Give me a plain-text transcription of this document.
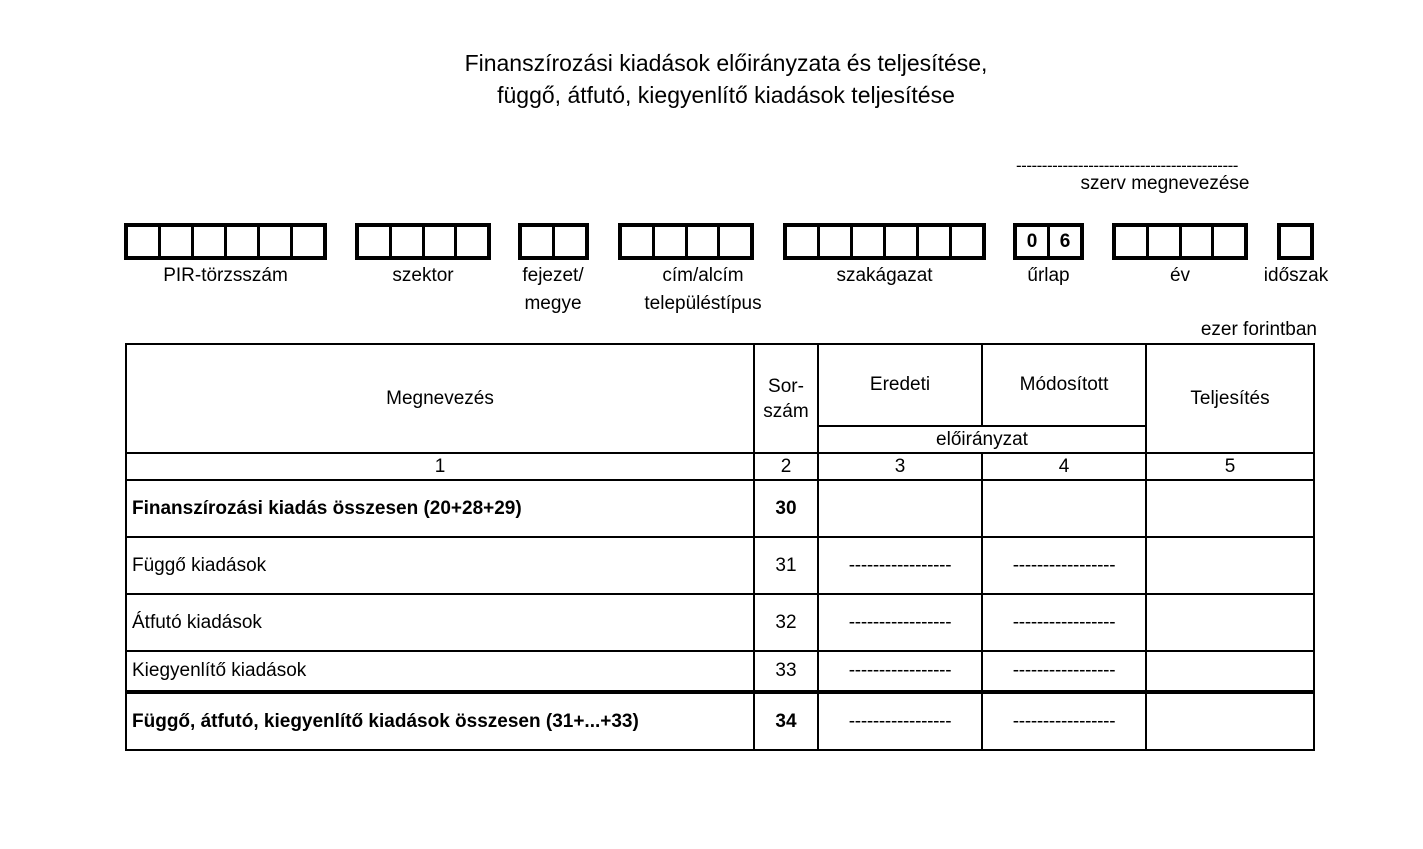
Finanszírozási kiadások előirányzata és teljesítése,
függő, átfutó, kiegyenlítő kiadások teljesítése
-------------------------------------------
szerv megnevezése
PIR-törzsszám	szektor	fejezet/
megye
cím/alcím
településtípus
szakágazat
0	6
űrlap	év	időszak
ezer forintban
Megnevezés	Sor-
szám	Eredeti	Módosított	Teljesítés
		előirányzat		
1	2	3	4	5
Finanszírozási kiadás összesen (20+28+29)	30			
Függő kiadások	31	-----------------	-----------------	
Átfutó kiadások	32	-----------------	-----------------	
Kiegyenlítő kiadások	33	-----------------	-----------------	
Függő, átfutó, kiegyenlítő kiadások összesen (31+...+33)	34	-----------------	-----------------	
